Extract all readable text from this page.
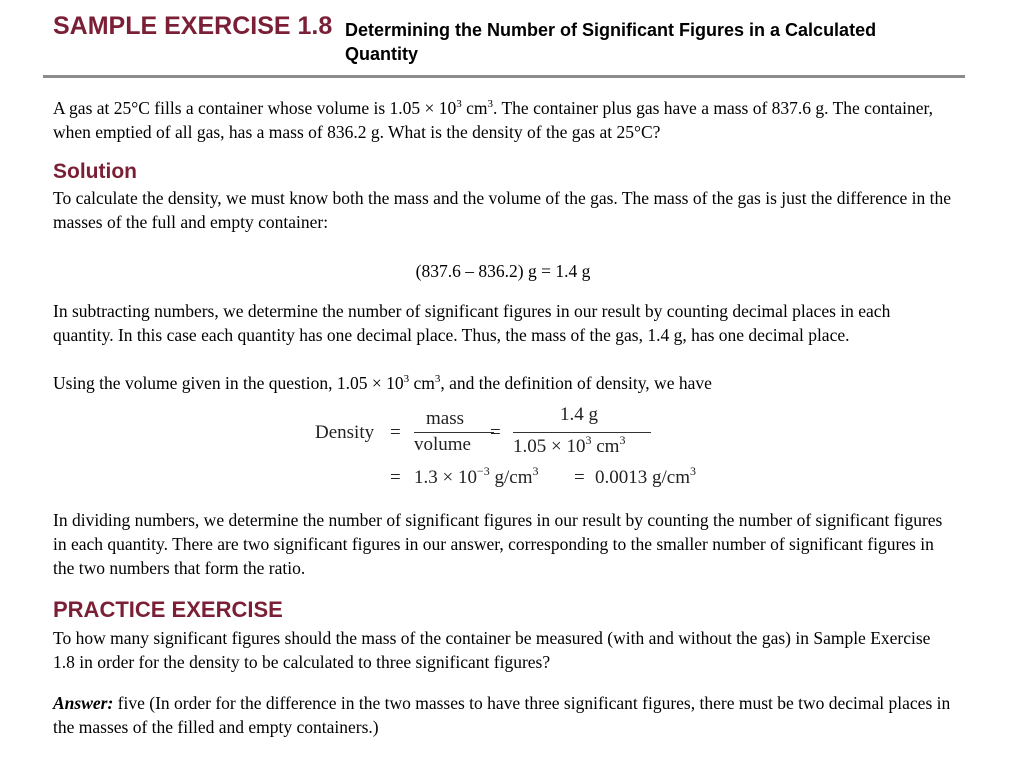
SAMPLE EXERCISE 1.8 Determining the Number of Significant Figures in a Calculated Quantity

A gas at 25°C fills a container whose volume is $1.05 \times 10^3$ $cm^3$. The container plus gas have a mass of 837.6 g. The container, when emptied of all gas, has a mass of 836.2 g. What is the density of the gas at 25°C?

Solution

To calculate the density, we must know both the mass and the volume of the gas. The mass of the gas is just the difference in the masses of the full and empty container:

(837.6 – 836.2) g = 1.4 g

In subtracting numbers, we determine the number of significant figures in our result by counting decimal places in each quantity. In this case each quantity has one decimal place. Thus, the mass of the gas, 1.4 g, has one decimal place.

Using the volume given in the question, $1.05 \times 10^3$ $cm^3$, and the definition of density, we have

Density =
mass
volume
=
1.4 g
$1.05 \times 10^3$ $cm^3$
= $1.3 \times 10^{-3}$ $g/cm^3 = 0.0013$ $g/cm^3$

In dividing numbers, we determine the number of significant figures in our result by counting the number of significant figures in each quantity. There are two significant figures in our answer, corresponding to the smaller number of significant figures in the two numbers that form the ratio.

PRACTICE EXERCISE

To how many significant figures should the mass of the container be measured (with and without the gas) in Sample Exercise 1.8 in order for the density to be calculated to three significant figures?

Answer: five (In order for the difference in the two masses to have three significant figures, there must be two decimal places in the masses of the filled and empty containers.)
